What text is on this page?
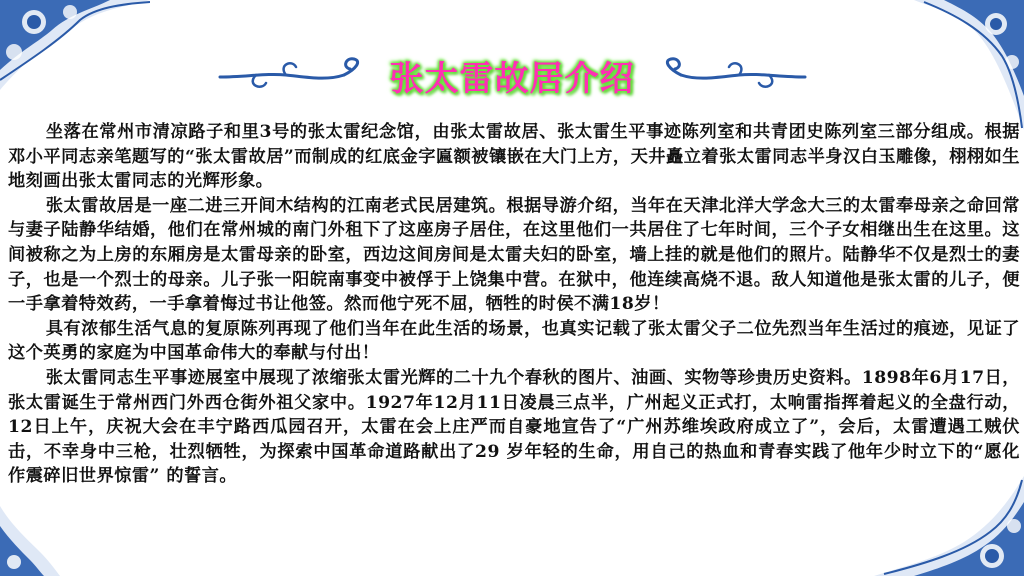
张太雷故居介绍

坐落在常州市清凉路子和里3号的张太雷纪念馆，由张太雷故居、张太雷生平事迹陈列室和共青团史陈列室三部分组成。根据邓小平同志亲笔题写的“张太雷故居”而制成的红底金字匾额被镶嵌在大门上方，天井矗立着张太雷同志半身汉白玉雕像，栩栩如生地刻画出张太雷同志的光辉形象。

张太雷故居是一座二进三开间木结构的江南老式民居建筑。根据导游介绍，当年在天津北洋大学念大三的太雷奉母亲之命回常与妻子陆静华结婚，他们在常州城的南门外租下了这座房子居住，在这里他们一共居住了七年时间，三个子女相继出生在这里。这间被称之为上房的东厢房是太雷母亲的卧室，西边这间房间是太雷夫妇的卧室，墙上挂的就是他们的照片。陆静华不仅是烈士的妻子，也是一个烈士的母亲。儿子张一阳皖南事变中被俘于上饶集中营。在狱中，他连续高烧不退。敌人知道他是张太雷的儿子，便一手拿着特效药，一手拿着悔过书让他签。然而他宁死不屈，牺牲的时侯不满18岁！

具有浓郁生活气息的复原陈列再现了他们当年在此生活的场景，也真实记载了张太雷父子二位先烈当年生活过的痕迹，见证了这个英勇的家庭为中国革命伟大的奉献与付出！

张太雷同志生平事迹展室中展现了浓缩张太雷光辉的二十九个春秋的图片、油画、实物等珍贵历史资料。1898年6月17日，张太雷诞生于常州西门外西仓街外祖父家中。1927年12月11日凌晨三点半，广州起义正式打，太响雷指挥着起义的全盘行动，12日上午，庆祝大会在丰宁路西瓜园召开，太雷在会上庄严而自豪地宣告了“广州苏维埃政府成立了”，会后，太雷遭遇工贼伏击，不幸身中三枪，壮烈牺牲，为探索中国革命道路献出了29 岁年轻的生命，用自己的热血和青春实践了他年少时立下的“愿化作震碎旧世界惊雷” 的誓言。
